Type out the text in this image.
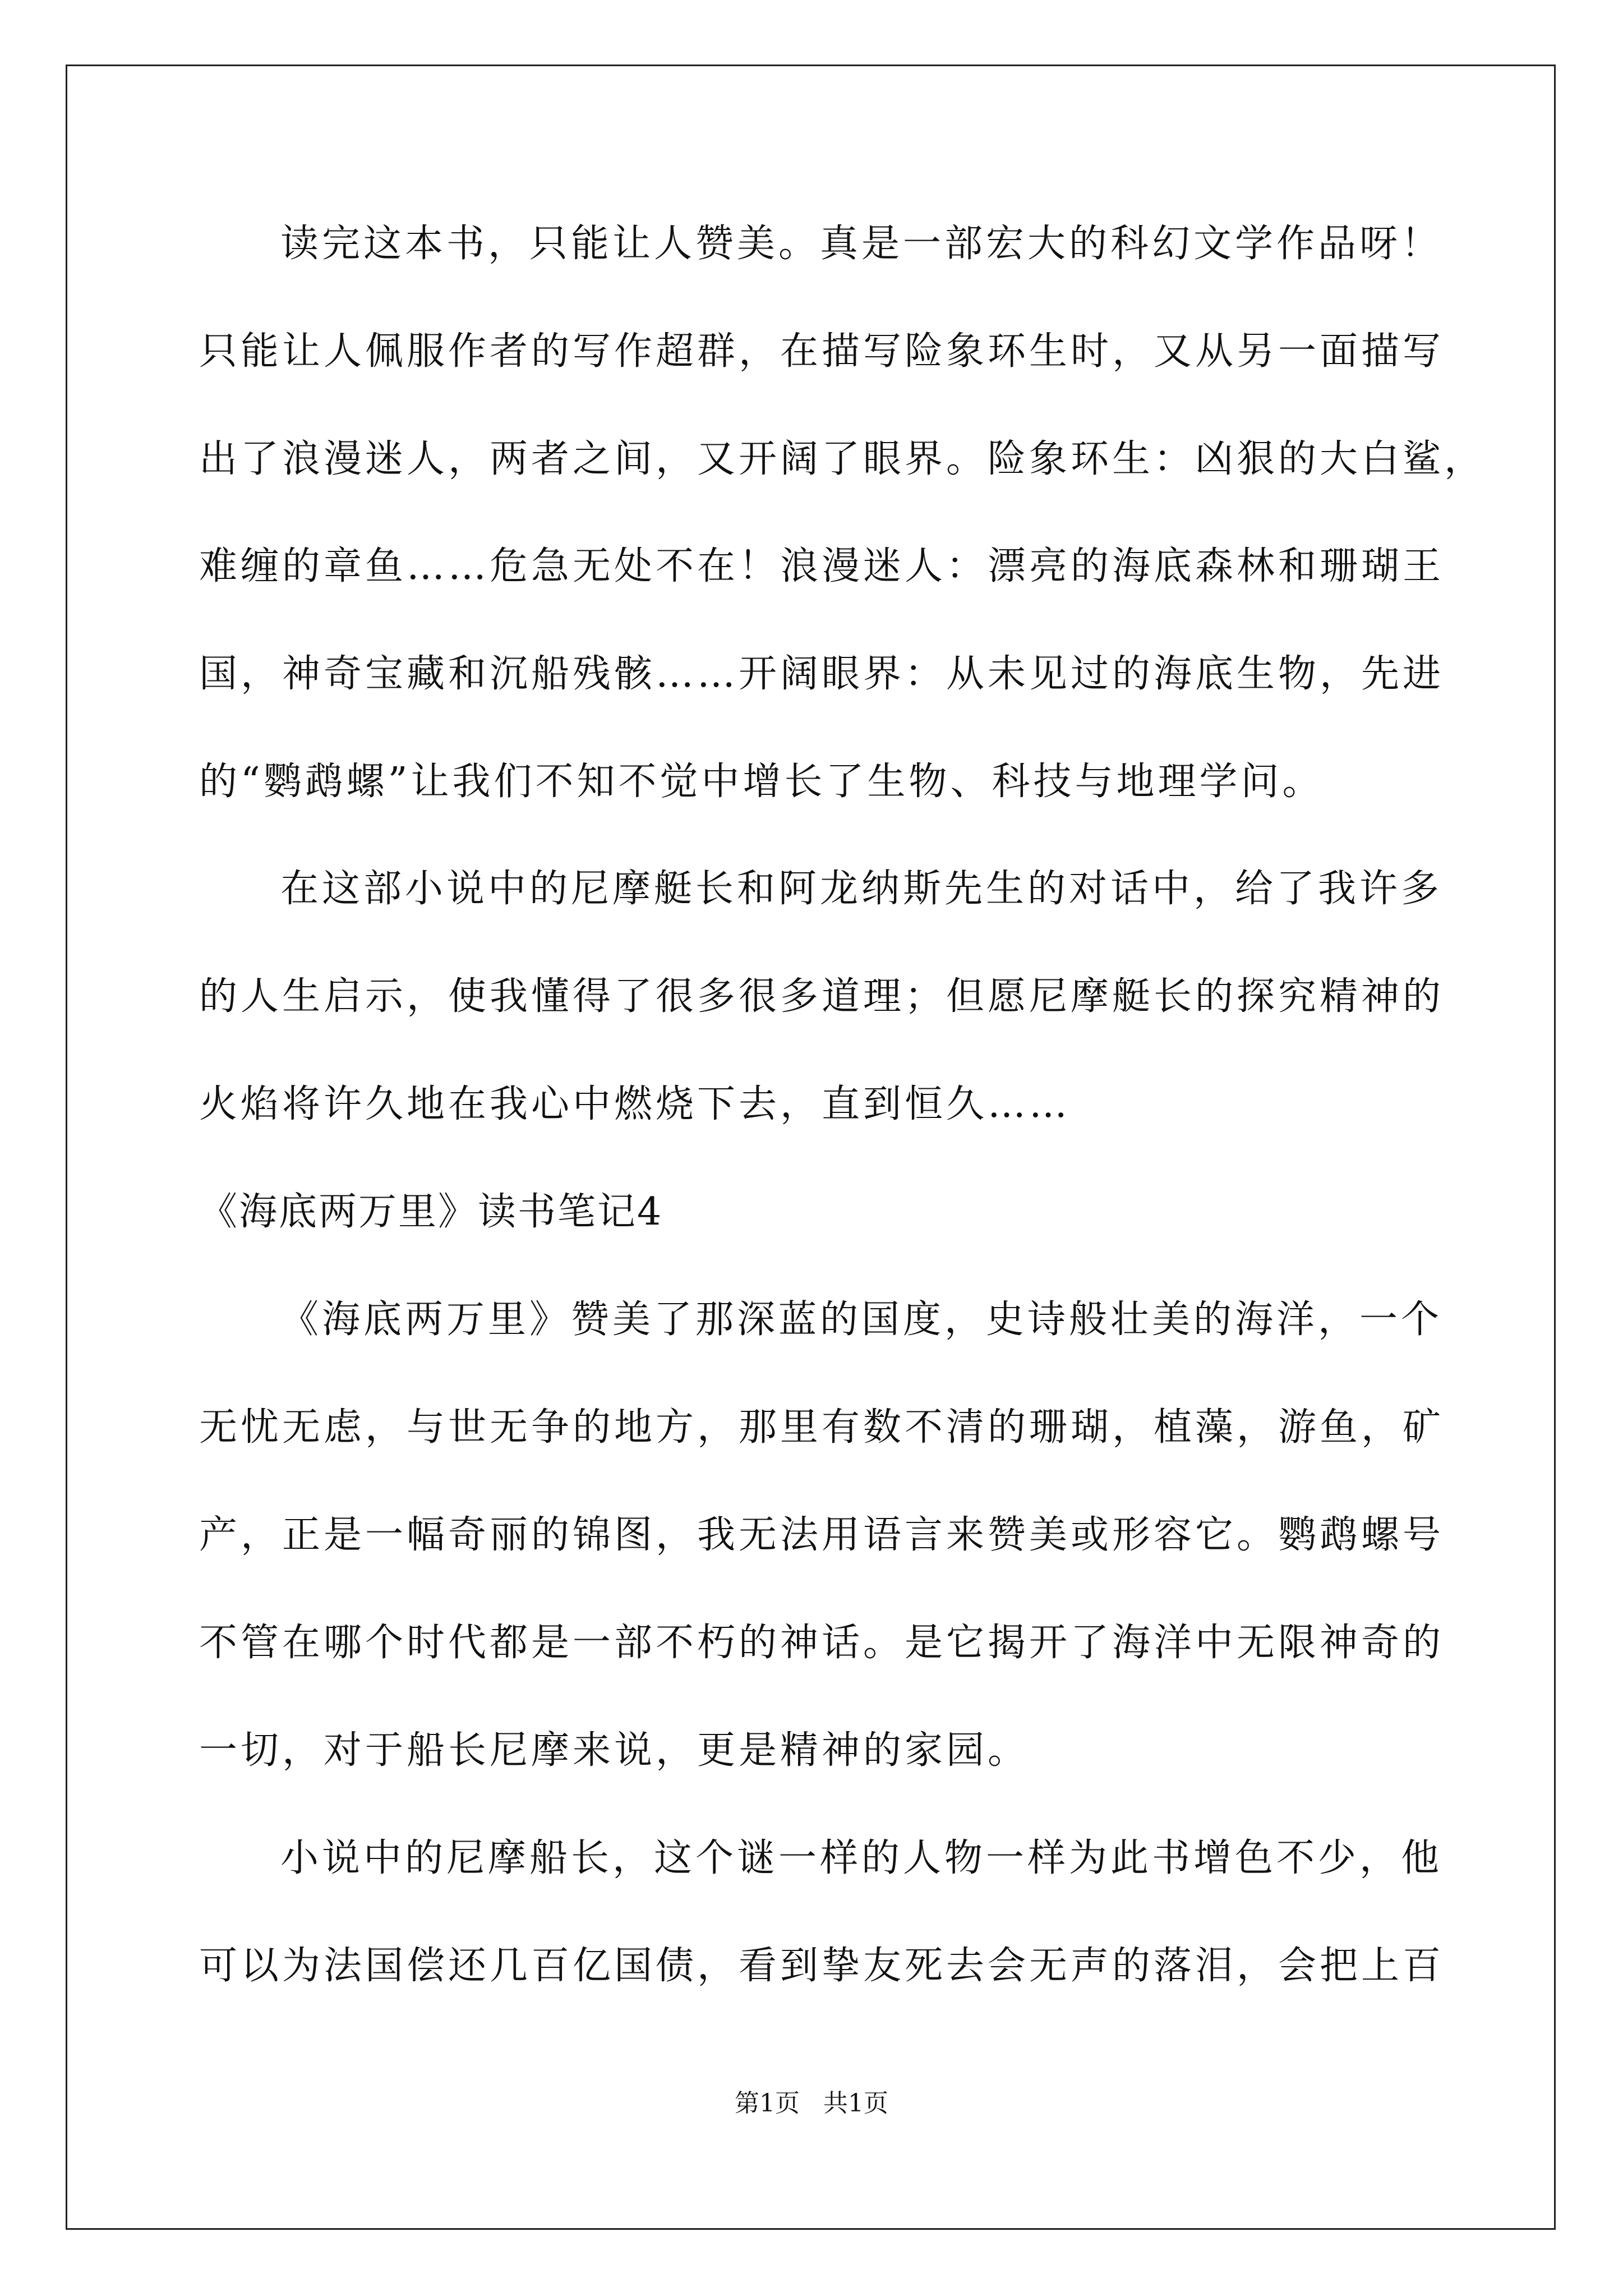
读完这本书，只能让人赞美。真是一部宏大的科幻文学作品呀！
只能让人佩服作者的写作超群，在描写险象环生时，又从另一面描写
出了浪漫迷人，两者之间，又开阔了眼界。险象环生：凶狠的大白鲨，
难缠的章鱼……危急无处不在！浪漫迷人：漂亮的海底森林和珊瑚王
国，神奇宝藏和沉船残骸……开阔眼界：从未见过的海底生物，先进
的“鹦鹉螺”让我们不知不觉中增长了生物、科技与地理学问。
在这部小说中的尼摩艇长和阿龙纳斯先生的对话中，给了我许多
的人生启示，使我懂得了很多很多道理；但愿尼摩艇长的探究精神的
火焰将许久地在我心中燃烧下去，直到恒久……
《海底两万里》读书笔记4
《海底两万里》赞美了那深蓝的国度，史诗般壮美的海洋，一个
无忧无虑，与世无争的地方，那里有数不清的珊瑚，植藻，游鱼，矿
产，正是一幅奇丽的锦图，我无法用语言来赞美或形容它。鹦鹉螺号
不管在哪个时代都是一部不朽的神话。是它揭开了海洋中无限神奇的
一切，对于船长尼摩来说，更是精神的家园。
小说中的尼摩船长，这个谜一样的人物一样为此书增色不少，他
可以为法国偿还几百亿国债，看到挚友死去会无声的落泪，会把上百
第1页   共1页
